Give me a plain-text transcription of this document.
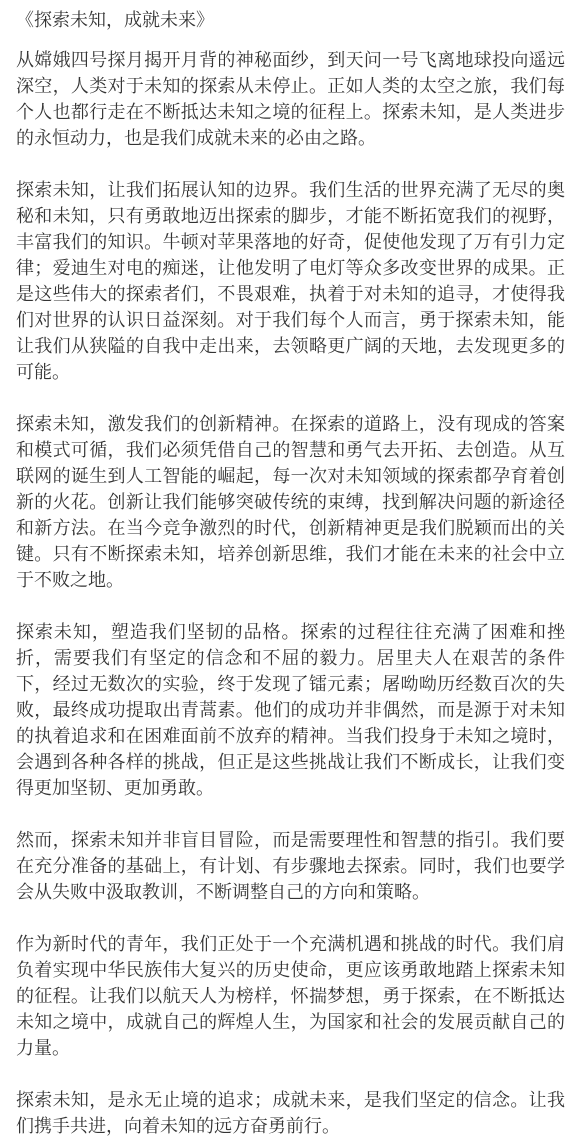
《探索未知，成就未来》

从嫦娥四号探月揭开月背的神秘面纱，到天问一号飞离地球投向遥远深空，人类对于未知的探索从未停止。正如人类的太空之旅，我们每个人也都行走在不断抵达未知之境的征程上。探索未知，是人类进步的永恒动力，也是我们成就未来的必由之路。

探索未知，让我们拓展认知的边界。我们生活的世界充满了无尽的奥秘和未知，只有勇敢地迈出探索的脚步，才能不断拓宽我们的视野，丰富我们的知识。牛顿对苹果落地的好奇，促使他发现了万有引力定律；爱迪生对电的痴迷，让他发明了电灯等众多改变世界的成果。正是这些伟大的探索者们，不畏艰难，执着于对未知的追寻，才使得我们对世界的认识日益深刻。对于我们每个人而言，勇于探索未知，能让我们从狭隘的自我中走出来，去领略更广阔的天地，去发现更多的可能。

探索未知，激发我们的创新精神。在探索的道路上，没有现成的答案和模式可循，我们必须凭借自己的智慧和勇气去开拓、去创造。从互联网的诞生到人工智能的崛起，每一次对未知领域的探索都孕育着创新的火花。创新让我们能够突破传统的束缚，找到解决问题的新途径和新方法。在当今竞争激烈的时代，创新精神更是我们脱颖而出的关键。只有不断探索未知，培养创新思维，我们才能在未来的社会中立于不败之地。

探索未知，塑造我们坚韧的品格。探索的过程往往充满了困难和挫折，需要我们有坚定的信念和不屈的毅力。居里夫人在艰苦的条件下，经过无数次的实验，终于发现了镭元素；屠呦呦历经数百次的失败，最终成功提取出青蒿素。他们的成功并非偶然，而是源于对未知的执着追求和在困难面前不放弃的精神。当我们投身于未知之境时，会遇到各种各样的挑战，但正是这些挑战让我们不断成长，让我们变得更加坚韧、更加勇敢。

然而，探索未知并非盲目冒险，而是需要理性和智慧的指引。我们要在充分准备的基础上，有计划、有步骤地去探索。同时，我们也要学会从失败中汲取教训，不断调整自己的方向和策略。

作为新时代的青年，我们正处于一个充满机遇和挑战的时代。我们肩负着实现中华民族伟大复兴的历史使命，更应该勇敢地踏上探索未知的征程。让我们以航天人为榜样，怀揣梦想，勇于探索，在不断抵达未知之境中，成就自己的辉煌人生，为国家和社会的发展贡献自己的力量。

探索未知，是永无止境的追求；成就未来，是我们坚定的信念。让我们携手共进，向着未知的远方奋勇前行。
